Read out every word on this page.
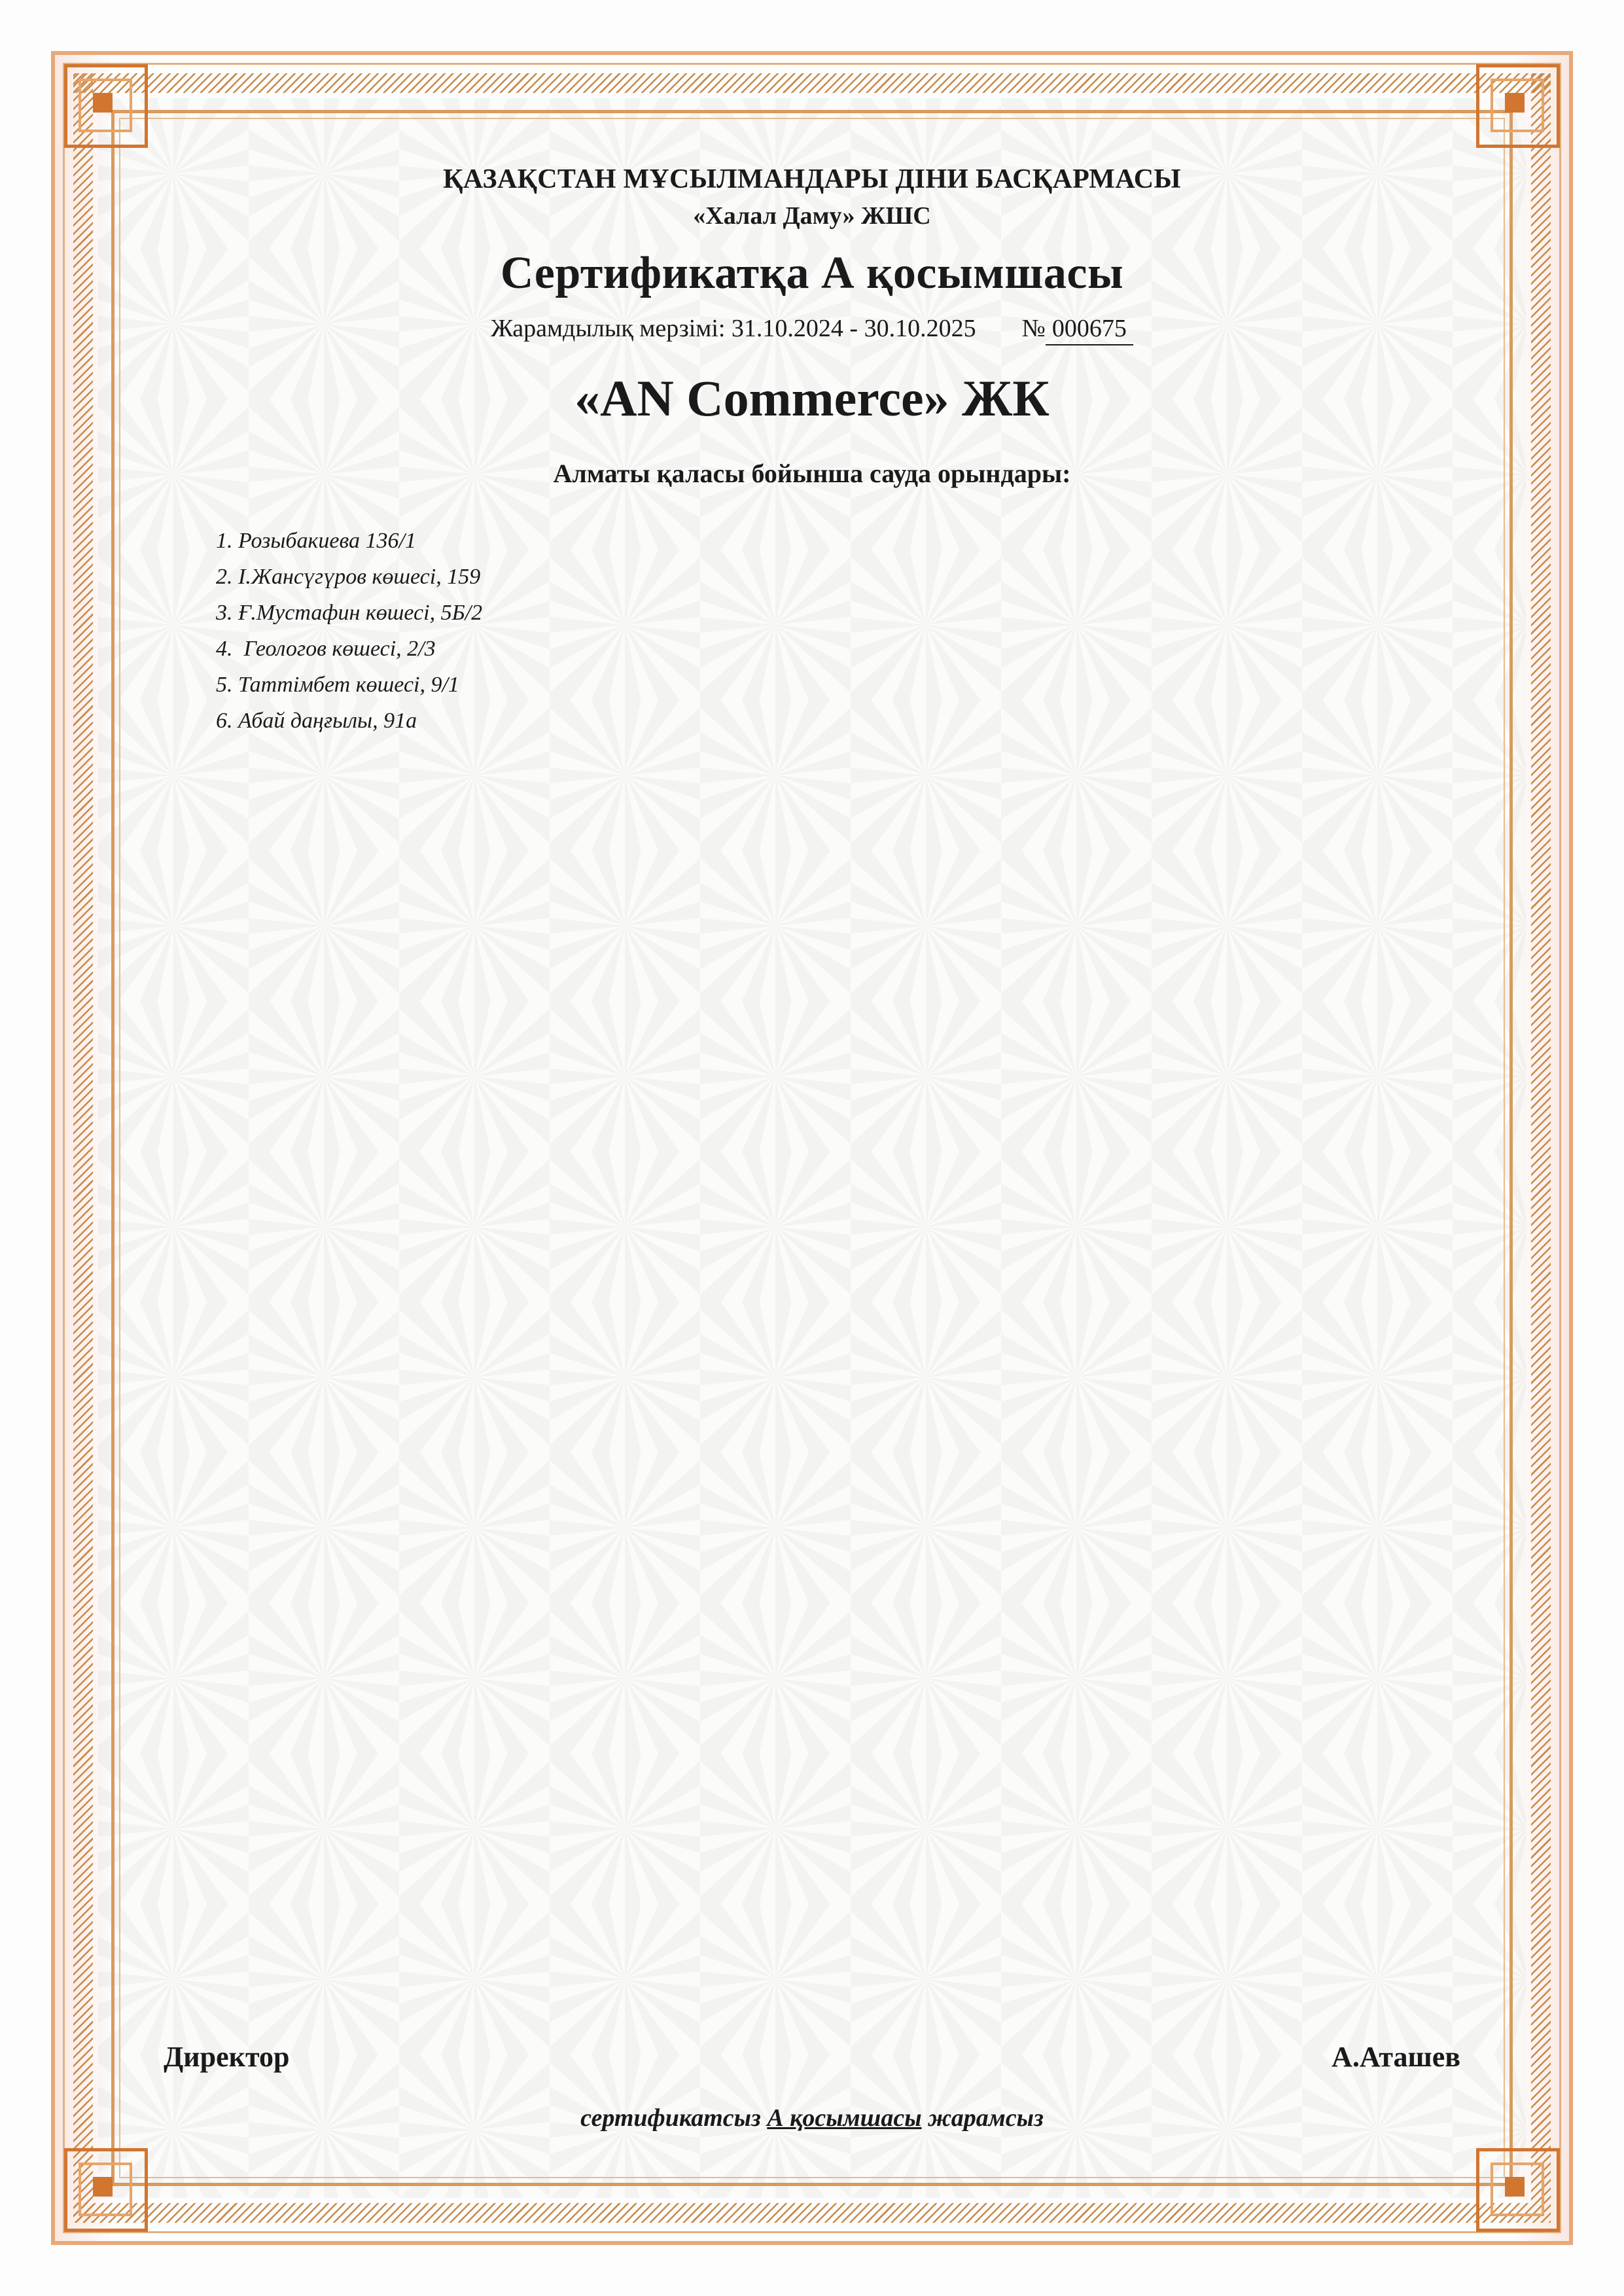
ҚАЗАҚСТАН МҰСЫЛМАНДАРЫ ДІНИ БАСҚАРМАСЫ
«Халал Даму» ЖШС
Сертификатқа А қосымшасы
Жарамдылық мерзімі: 31.10.2024 - 30.10.2025 № 000675
«AN Commerce» ЖК
Алматы қаласы бойынша сауда орындары:
1. Розыбакиева 136/1
2. І.Жансүгүров көшесі, 159
3. Ғ.Мустафин көшесі, 5Б/2
4.  Геологов көшесі, 2/3
5. Таттімбет көшесі, 9/1
6. Абай даңғылы, 91а
Директор	А.Аташев
сертификатсыз А қосымшасы жарамсыз
